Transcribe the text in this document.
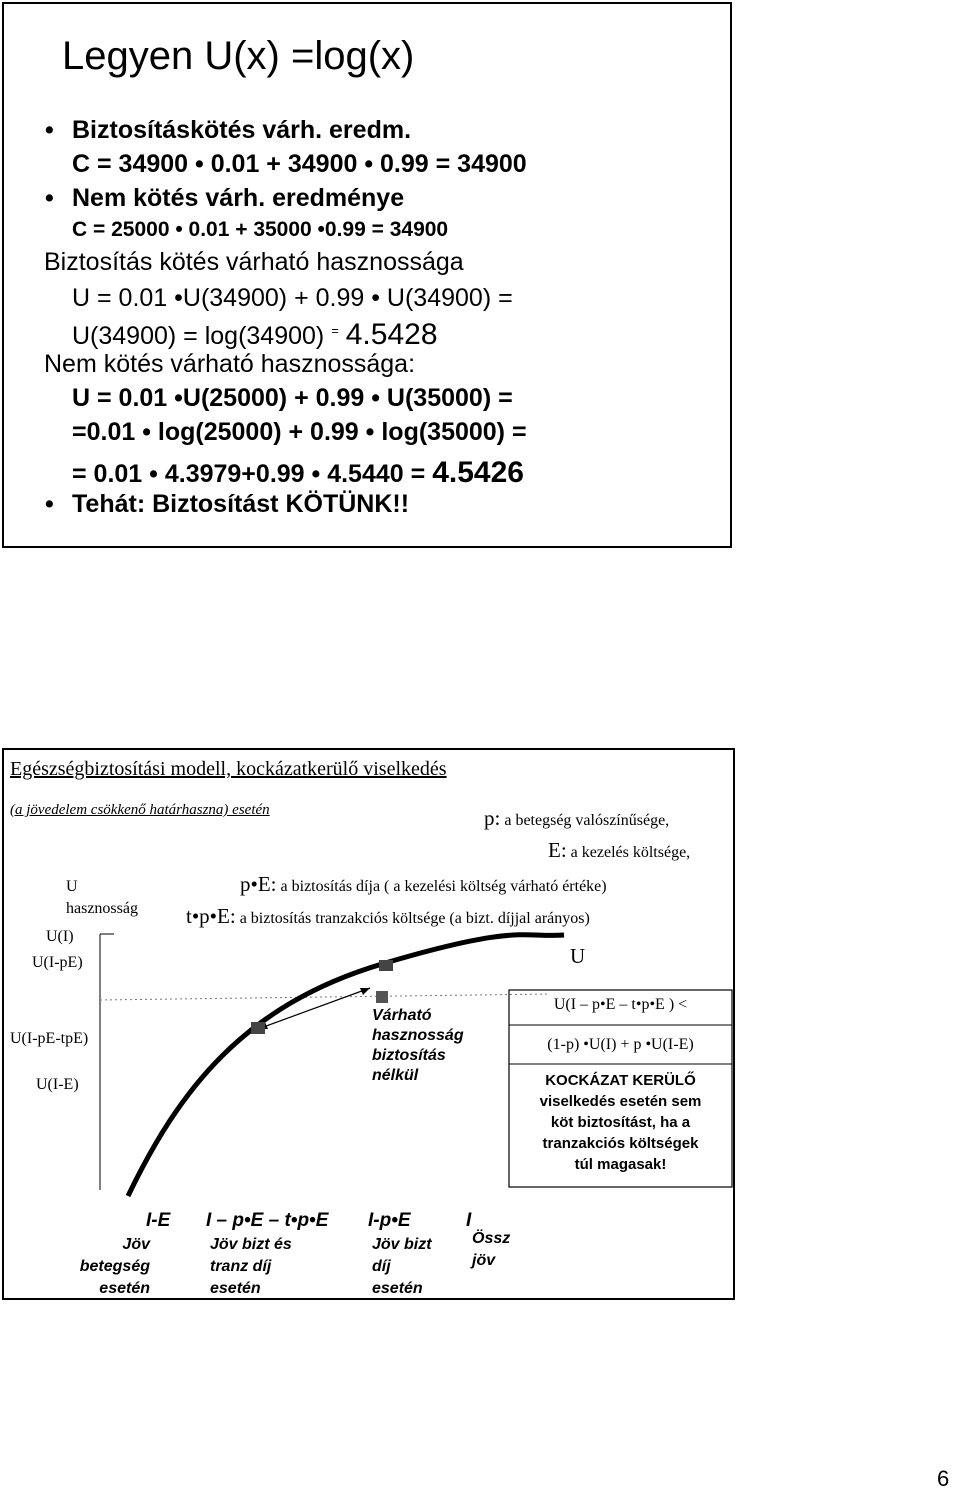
Legyen U(x) =log(x)
• Biztosításkötés várh. eredm.
C = 34900 • 0.01 + 34900 • 0.99 = 34900
• Nem kötés várh. eredménye
C = 25000 • 0.01 + 35000 •0.99 = 34900
Biztosítás kötés várható hasznossága
U = 0.01 •U(34900) + 0.99 • U(34900) =
U(34900) = log(34900) = 4.5428
Nem kötés várható hasznossága:
U = 0.01 •U(25000) + 0.99 • U(35000) =
=0.01 • log(25000) + 0.99 • log(35000) =
= 0.01 • 4.3979+0.99 • 4.5440 = 4.5426
• Tehát: Biztosítást KÖTÜNK!!
Egészségbiztosítási modell, kockázatkerülő viselkedés
(a jövedelem csökkenő határhaszna) esetén	p: a betegség valószínűsége,
E: a kezelés költsége,
p•E: a biztosítás díja ( a kezelési költség várható értéke)
t•p•E: a biztosítás tranzakciós költsége (a bizt. díjjal arányos)
U
hasznosság
U(I)
U(I-pE)
U(I-pE-tpE)
U(I-E)
U
Várható
hasznosság
biztosítás
nélkül
I-E
Jöv
betegség
esetén
I – p•E – t•p•E
Jöv bizt és
tranz díj
esetén
I-p•E
Jöv bizt
díj
esetén
I
Össz
jöv
U(I – p•E – t•p•E ) <
(1-p) •U(I) + p •U(I-E)
KOCKÁZAT KERÜLŐ
viselkedés esetén sem
köt biztosítást, ha a
tranzakciós költségek
túl magasak!
6
